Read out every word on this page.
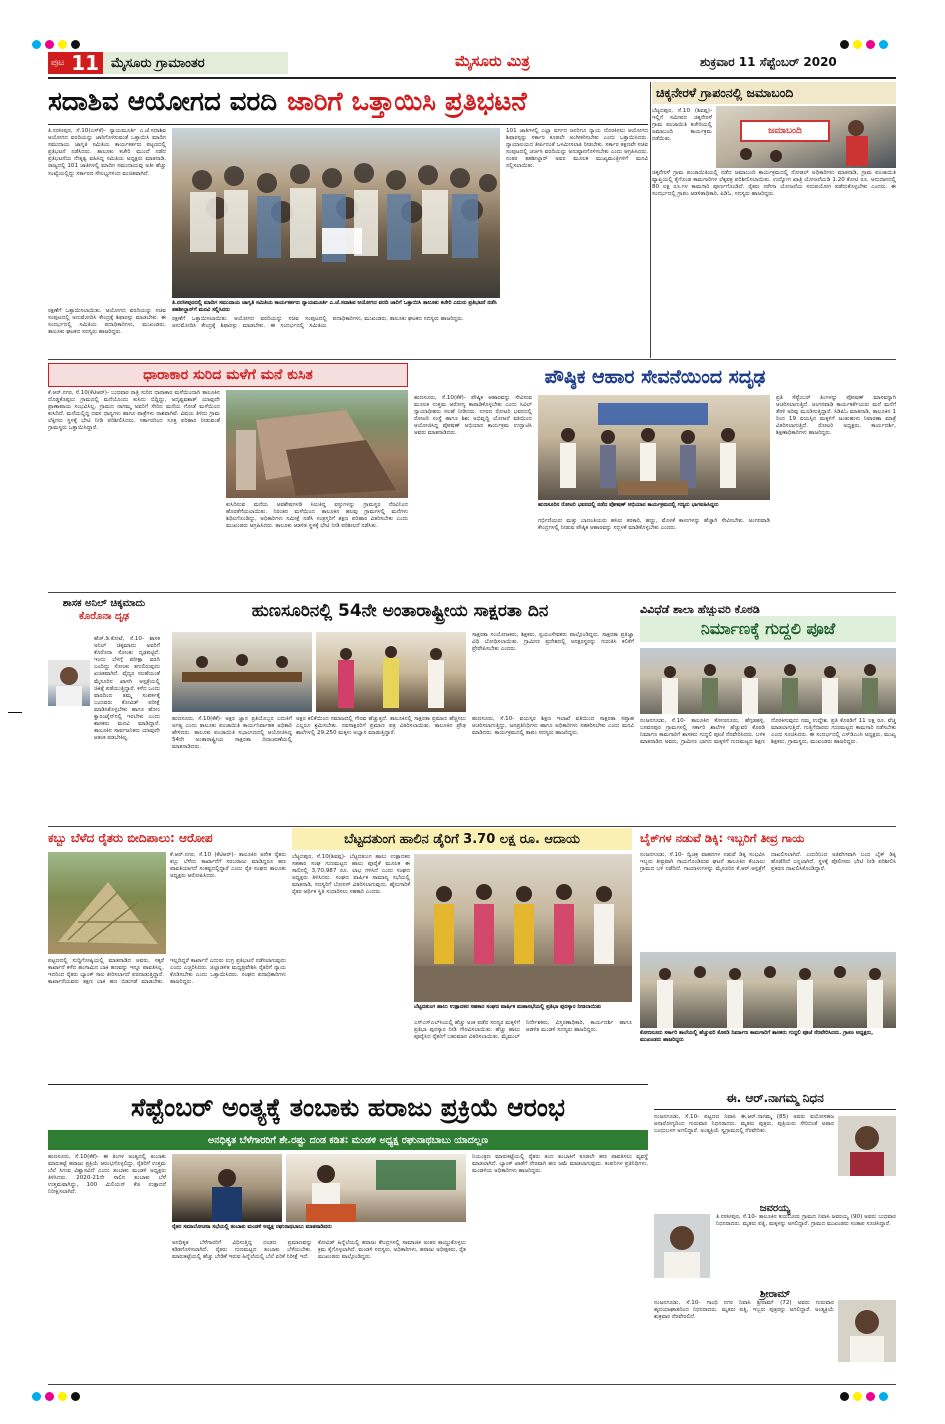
ಪುಟ 11 ಮೈಸೂರು ಗ್ರಾಮಾಂತರ	ಮೈಸೂರು ಮಿತ್ರ	ಶುಕ್ರವಾರ 11 ಸೆಪ್ಟೆಂಬರ್ 2020
ಸದಾಶಿವ ಆಯೋಗದ ವರದಿ ಜಾರಿಗೆ ಒತ್ತಾಯಿಸಿ ಪ್ರತಿಭಟನೆ
ತಿ.ನರಸೀಪುರ, ಸೆ.10(ಎಸ್‌ಕೆ)- ನ್ಯಾಯಮೂರ್ತಿ ಎ.ಜೆ.ಸದಾಶಿವ ಆಯೋಗದ ವರದಿಯನ್ನು ಜಾರಿಗೊಳಿಸುವಂತೆ ಒತ್ತಾಯಿಸಿ ಮಾದಿಗ ಸಮುದಾಯ ಜಾಗೃತಿ ಸಮಿತಿಯ ಕಾರ್ಯಕರ್ತರು ಪಟ್ಟಣದಲ್ಲಿ ಪ್ರತಿಭಟನೆ ನಡೆಸಿದರು. ತಾಲೂಕು ಕಚೇರಿ ಮುಂದೆ ನಡೆದ ಪ್ರತಿಭಟನೆಯ ನೇತೃತ್ವ ವಹಿಸಿದ್ದ ಸಮಿತಿಯ ಅಧ್ಯಕ್ಷರು ಮಾತನಾಡಿ, ರಾಜ್ಯದಲ್ಲಿ 101 ಜಾತಿಗಳಲ್ಲಿ ಮಾದಿಗ ಸಮುದಾಯವು ಅತೀ ಹೆಚ್ಚು ಸಂಖ್ಯೆಯಲ್ಲಿದ್ದು ಸರ್ಕಾರದ ಸೌಲಭ್ಯಗಳಿಂದ ವಂಚಿತವಾಗಿದೆ.
101 ಜಾತಿಗಳಲ್ಲಿ ಎಲ್ಲಾ ವರ್ಗದ ಜನರಿಗೂ ನ್ಯಾಯ ದೊರಕಿಸಲು ಆಯೋಗದ ಶಿಫಾರಸ್ಸನ್ನು ಸರ್ಕಾರ ಕೂಡಲೇ ಅಂಗೀಕರಿಸಬೇಕು ಎಂದು ಒತ್ತಾಯಿಸಿದರು. ನ್ಯಾಯಾಲಯದ ತೀರ್ಪಿನಂತೆ ಒಳಮೀಸಲಾತಿ ನೀಡಬೇಕು. ಸರ್ಕಾರ ತಕ್ಷಣವೇ ಸಚಿವ ಸಂಪುಟದಲ್ಲಿ ಚರ್ಚಿಸಿ ವರದಿಯನ್ನು ಅನುಷ್ಠಾನಗೊಳಿಸಬೇಕು ಎಂದು ಆಗ್ರಹಿಸಿದರು. ನಂತರ ತಹಶೀಲ್ದಾರ್ ಅವರ ಮೂಲಕ ಮುಖ್ಯಮಂತ್ರಿಗಳಿಗೆ ಮನವಿ ಸಲ್ಲಿಸಲಾಯಿತು.
ತಿ.ನರಸೀಪುರದಲ್ಲಿ ಮಾದಿಗ ಸಮುದಾಯ ಜಾಗೃತಿ ಸಮಿತಿಯ ಕಾರ್ಯಕರ್ತರು ನ್ಯಾಯಮೂರ್ತಿ ಎ.ಜೆ.ಸದಾಶಿವ ಆಯೋಗದ ವರದಿ ಜಾರಿಗೆ ಒತ್ತಾಯಿಸಿ ತಾಲೂಕು ಕಚೇರಿ ಎದುರು ಪ್ರತಿಭಟನೆ ನಡೆಸಿ ತಹಶೀಲ್ದಾರ್‌ಗೆ ಮನವಿ ಸಲ್ಲಿಸಿದರು
ರಕ್ಷಣೆಗೆ ಒತ್ತಾಯಿಸಲಾಯಿತು. ಆಯೋಗದ ವರದಿಯನ್ನು ಸಚಿವ ಸಂಪುಟದಲ್ಲಿ ಅನುಮೋದಿಸಿ ಕೇಂದ್ರಕ್ಕೆ ಶಿಫಾರಸ್ಸು ಮಾಡಬೇಕು. ಈ ಸಂದರ್ಭದಲ್ಲಿ ಸಮಿತಿಯ ಪದಾಧಿಕಾರಿಗಳು, ಮುಖಂಡರು, ತಾಲೂಕು ಘಟಕದ ಸದಸ್ಯರು ಹಾಜರಿದ್ದರು.
ರಕ್ಷಣೆಗೆ ಒತ್ತಾಯಿಸಲಾಯಿತು. ಆಯೋಗದ ವರದಿಯನ್ನು ಸಚಿವ ಸಂಪುಟದಲ್ಲಿ ಅನುಮೋದಿಸಿ ಕೇಂದ್ರಕ್ಕೆ ಶಿಫಾರಸ್ಸು ಮಾಡಬೇಕು. ಈ ಸಂದರ್ಭದಲ್ಲಿ ಸಮಿತಿಯ ಪದಾಧಿಕಾರಿಗಳು, ಮುಖಂಡರು, ತಾಲೂಕು ಘಟಕದ ಸದಸ್ಯರು ಹಾಜರಿದ್ದರು.
ಚಿಕ್ಕನೇರಳೆ ಗ್ರಾಪಂನಲ್ಲಿ ಜಮಾಬಂದಿ
ಬೆಟ್ಟದಪುರ, ಸೆ.10 (ಶಿವಪ್ಪ)- ಇಲ್ಲಿಗೆ ಸಮೀಪದ ಚಿಕ್ಕನೇರಳೆ ಗ್ರಾಮ ಪಂಚಾಯಿತಿ ಕಚೇರಿಯಲ್ಲಿ ಜಮಾಬಂದಿ ಕಾರ್ಯಕ್ರಮ ನಡೆಯಿತು.
ಜಮಾಬಂದಿ
ಚಿಕ್ಕನೇರಳೆ ಗ್ರಾಮ ಪಂಚಾಯಿತಿಯಲ್ಲಿ ನಡೆದ ಜಮಾಬಂದಿ ಕಾರ್ಯಕ್ರಮದಲ್ಲಿ ನೋಡಲ್ ಅಧಿಕಾರಿಗಳು ಮಾತನಾಡಿ, ಗ್ರಾಮ ಪಂಚಾಯಿತಿ ವ್ಯಾಪ್ತಿಯಲ್ಲಿ ಕೈಗೊಂಡ ಕಾಮಗಾರಿಗಳ ಲೆಕ್ಕಪತ್ರ ಪರಿಶೀಲಿಸಲಾಯಿತು. ಉದ್ಯೋಗ ಖಾತ್ರಿ ಯೋಜನೆಯಡಿ 1.20 ಕೋಟಿ ರೂ. ಅನುದಾನದಲ್ಲಿ 80 ಲಕ್ಷ ರೂ.ಗಳ ಕಾಮಗಾರಿ ಪೂರ್ಣಗೊಂಡಿದೆ. ರೈತರು ನರೇಗಾ ಯೋಜನೆಯ ಸದುಪಯೋಗ ಪಡೆದುಕೊಳ್ಳಬೇಕು ಎಂದರು. ಈ ಸಂದರ್ಭದಲ್ಲಿ ಗ್ರಾಪಂ ಆಡಳಿತಾಧಿಕಾರಿ, ಪಿಡಿಓ, ಸದಸ್ಯರು ಹಾಜರಿದ್ದರು.
ಧಾರಾಕಾರ ಸುರಿದ ಮಳೆಗೆ ಮನೆ ಕುಸಿತ
ಕೆ.ಆರ್.ನಗರ, ಸೆ.10(ಕೆಟಿಆರ್)- ಬುಧವಾರ ರಾತ್ರಿ ಸುರಿದ ಧಾರಾಕಾರ ಮಳೆಯಿಂದಾಗಿ ತಾಲೂಕಿನ ದೊಡ್ಡಕೊಪ್ಪಲು ಗ್ರಾಮದಲ್ಲಿ ಮನೆಯೊಂದು ಕುಸಿದು ಬಿದ್ದಿದ್ದು, ಅದೃಷ್ಟವಶಾತ್ ಯಾವುದೇ ಪ್ರಾಣಾಪಾಯ ಸಂಭವಿಸಿಲ್ಲ. ಗ್ರಾಮದ ನಾಗಮ್ಮ ಅವರಿಗೆ ಸೇರಿದ ಮನೆಯ ಗೋಡೆ ಮಳೆಯಿಂದ ಕುಸಿದಿದೆ. ಮನೆಯಲ್ಲಿದ್ದ ದವಸ ಧಾನ್ಯಗಳು ಹಾಗೂ ಪಾತ್ರೆಗಳು ನಾಶವಾಗಿವೆ. ವಿಷಯ ತಿಳಿದು ಗ್ರಾಮ ಲೆಕ್ಕಿಗರು ಸ್ಥಳಕ್ಕೆ ಭೇಟಿ ನೀಡಿ ಪರಿಶೀಲಿಸಿದರು. ಸರ್ಕಾರದಿಂದ ಸೂಕ್ತ ಪರಿಹಾರ ನೀಡುವಂತೆ ಗ್ರಾಮಸ್ಥರು ಒತ್ತಾಯಿಸಿದ್ದಾರೆ.
ಕುಸಿದಿರುವ ಮನೆಯ ಅವಶೇಷಗಳಡಿ ಸಿಲುಕಿದ್ದ ವಸ್ತುಗಳನ್ನು ಗ್ರಾಮಸ್ಥರ ನೆರವಿನಿಂದ ಹೊರತೆಗೆಯಲಾಯಿತು. ನಿರಂತರ ಮಳೆಯಿಂದ ತಾಲೂಕಿನ ಹಲವು ಗ್ರಾಮಗಳಲ್ಲಿ ಮನೆಗಳು ಶಿಥಿಲಗೊಂಡಿದ್ದು, ಅಧಿಕಾರಿಗಳು ಸಮೀಕ್ಷೆ ನಡೆಸಿ ಸಂತ್ರಸ್ತರಿಗೆ ತಕ್ಷಣ ಪರಿಹಾರ ವಿತರಿಸಬೇಕು ಎಂದು ಮುಖಂಡರು ಆಗ್ರಹಿಸಿದರು. ತಾಲೂಕು ಆಡಳಿತ ಸ್ಥಳಕ್ಕೆ ಭೇಟಿ ನೀಡಿ ಪರಿಶೀಲನೆ ನಡೆಸಿತು.
ಪೌಷ್ಠಿಕ ಆಹಾರ ಸೇವನೆಯಿಂದ ಸದೃಢ
ಹುಣಸೂರು, ಸೆ.10(ಕೆಕೆ)- ಪೌಷ್ಠಿಕ ಆಹಾರವನ್ನು ಸೇವಿಸುವ ಮೂಲಕ ಉತ್ತಮ ಆರೋಗ್ಯ ಕಾಪಾಡಿಕೊಳ್ಳಬೇಕು ಎಂದು ಸಿವಿಲ್ ನ್ಯಾಯಾಧೀಶರು ಸಲಹೆ ನೀಡಿದರು. ನಗರದ ರೋಟರಿ ಭವನದಲ್ಲಿ ರೋಟರಿ ಸಂಸ್ಥೆ ಹಾಗೂ ಶಿಶು ಅಭಿವೃದ್ಧಿ ಯೋಜನೆ ವತಿಯಿಂದ ಆಯೋಜಿಸಿದ್ದ ಪೋಷಣ್ ಅಭಿಯಾನ ಕಾರ್ಯಕ್ರಮ ಉದ್ಘಾಟಿಸಿ ಅವರು ಮಾತನಾಡಿದರು.
ಹುಣಸೂರಿನ ರೋಟರಿ ಭವನದಲ್ಲಿ ನಡೆದ ಪೋಷಣ್ ಅಭಿಯಾನ ಕಾರ್ಯಕ್ರಮದಲ್ಲಿ ಗಣ್ಯರು ಭಾಗವಹಿಸಿದ್ದರು
ಗರ್ಭಿಣಿಯರು ಮತ್ತು ಬಾಣಂತಿಯರು ಹಸಿರು ತರಕಾರಿ, ಹಣ್ಣು, ಮೊಳಕೆ ಕಾಳುಗಳನ್ನು ಹೆಚ್ಚಾಗಿ ಸೇವಿಸಬೇಕು. ಅಂಗನವಾಡಿ ಕೇಂದ್ರಗಳಲ್ಲಿ ನೀಡುವ ಪೌಷ್ಠಿಕ ಆಹಾರವನ್ನು ಸದ್ಬಳಕೆ ಮಾಡಿಕೊಳ್ಳಬೇಕು ಎಂದರು.
ಪ್ರತಿ ಸೆಪ್ಟೆಂಬರ್ ತಿಂಗಳನ್ನು ಪೋಷಣ್ ಮಾಸವನ್ನಾಗಿ ಆಚರಿಸಲಾಗುತ್ತಿದೆ. ಅಂಗನವಾಡಿ ಕಾರ್ಯಕರ್ತೆಯರು ಮನೆ ಮನೆಗೆ ತೆರಳಿ ಅರಿವು ಮೂಡಿಸುತ್ತಿದ್ದಾರೆ. ಸಿಡಿಪಿಓ ಮಾತನಾಡಿ, ತಾಲೂಕಿನ 1 ರಿಂದ 19 ವಯಸ್ಸಿನ ಮಕ್ಕಳಿಗೆ ಜಂತುಹುಳು ನಿವಾರಣಾ ಮಾತ್ರೆ ವಿತರಿಸಲಾಗುತ್ತಿದೆ. ರೋಟರಿ ಅಧ್ಯಕ್ಷರು, ಕಾರ್ಯದರ್ಶಿ, ಶಿಕ್ಷಣಾಧಿಕಾರಿಗಳು ಹಾಜರಿದ್ದರು.
ಶಾಸಕ ಅನಿಲ್ ಚಿಕ್ಕಮಾದು
ಕೊರೊನಾ ದೃಢ
ಹೆಚ್.ಡಿ.ಕೋಟೆ, ಸೆ.10- ಶಾಸಕ ಅನಿಲ್ ಚಿಕ್ಕಮಾದು ಅವರಿಗೆ ಕೊರೊನಾ ಸೋಂಕು ದೃಢಪಟ್ಟಿದೆ. ಇಂದು ಬೆಳಗ್ಗೆ ಪರೀಕ್ಷಾ ವರದಿ ಬಂದಿದ್ದು ಸೋಂಕು ತಗುಲಿರುವುದು ಖಚಿತವಾಗಿದೆ. ವೈದ್ಯರ ಸಲಹೆಯಂತೆ ಮೈಸೂರಿನ ಖಾಸಗಿ ಆಸ್ಪತ್ರೆಯಲ್ಲಿ ಚಿಕಿತ್ಸೆ ಪಡೆಯುತ್ತಿದ್ದಾರೆ. ಕಳೆದ ಒಂದು ವಾರದಿಂದ ತಮ್ಮ ಸಂಪರ್ಕಕ್ಕೆ ಬಂದವರು ಕೋವಿಡ್ ಪರೀಕ್ಷೆ ಮಾಡಿಸಿಕೊಳ್ಳಬೇಕು ಹಾಗೂ ಹೋಂ ಕ್ವಾರಂಟೈನ್‌ನಲ್ಲಿ ಇರಬೇಕು ಎಂದು ಶಾಸಕರು ಮನವಿ ಮಾಡಿದ್ದಾರೆ. ತಾಲೂಕಿನ ಸಾರ್ವಜನಿಕರು ಯಾವುದೇ ಆತಂಕ ಪಡಬೇಕಿಲ್ಲ.
ಹುಣಸೂರಿನಲ್ಲಿ 54ನೇ ಅಂತಾರಾಷ್ಟ್ರೀಯ ಸಾಕ್ಷರತಾ ದಿನ
ಹುಣಸೂರು, ಸೆ.10(ಕೆಕೆ)- ಅಕ್ಷರ ಜ್ಞಾನ ಪ್ರತಿಯೊಬ್ಬರ ಬದುಕಿಗೆ ಅಗತ್ಯ ಎಂದು ತಾಲೂಕು ಪಂಚಾಯಿತಿ ಕಾರ್ಯನಿರ್ವಾಹಕ ಅಧಿಕಾರಿ ಹೇಳಿದರು. ತಾಲೂಕು ಪಂಚಾಯಿತಿ ಸಭಾಂಗಣದಲ್ಲಿ ಆಯೋಜಿಸಿದ್ದ 54ನೇ ಅಂತಾರಾಷ್ಟ್ರೀಯ ಸಾಕ್ಷರತಾ ದಿನಾಚರಣೆಯಲ್ಲಿ ಮಾತನಾಡಿದರು.
ಅಕ್ಷರ ಕಲಿಕೆಯಿಂದ ಸಮಾಜದಲ್ಲಿ ಗೌರವ ಹೆಚ್ಚುತ್ತದೆ. ತಾಲೂಕಿನಲ್ಲಿ ಸಾಕ್ಷರತಾ ಪ್ರಮಾಣ ಹೆಚ್ಚಿಸಲು ಎಲ್ಲರೂ ಶ್ರಮಿಸಬೇಕು. ನವಸಾಕ್ಷರರಿಗೆ ಪ್ರಮಾಣ ಪತ್ರ ವಿತರಿಸಲಾಯಿತು. ತಾಲೂಕಿನ ಪ್ರೌಢ ಶಾಲೆಗಳಲ್ಲಿ 29,250 ಮಕ್ಕಳು ಅಭ್ಯಾಸ ಮಾಡುತ್ತಿದ್ದಾರೆ.
ಸಾಕ್ಷರತಾ ಸಂಯೋಜಕರು, ಶಿಕ್ಷಕರು, ಸ್ವಯಂಸೇವಕರು ಪಾಲ್ಗೊಂಡಿದ್ದರು. ಸಾಕ್ಷರತಾ ಪ್ರತಿಜ್ಞಾ ವಿಧಿ ಬೋಧಿಸಲಾಯಿತು. ಗ್ರಾಮೀಣ ಪ್ರದೇಶದಲ್ಲಿ ಅನಕ್ಷರಸ್ಥರನ್ನು ಗುರುತಿಸಿ ಕಲಿಕೆಗೆ ಪ್ರೇರೇಪಿಸಬೇಕು ಎಂದರು.
ಹುಣಸೂರು, ಸೆ.10- ವಯಸ್ಕರ ಶಿಕ್ಷಣ ಇಲಾಖೆ ವತಿಯಿಂದ ಸಾಕ್ಷರತಾ ಸಪ್ತಾಹ ಆಚರಿಸಲಾಗುತ್ತಿದ್ದು, ಜನಪ್ರತಿನಿಧಿಗಳು ಹಾಗೂ ಅಧಿಕಾರಿಗಳು ಸಹಕರಿಸಬೇಕು ಎಂದು ಮನವಿ ಮಾಡಿದರು. ಕಾರ್ಯಕ್ರಮದಲ್ಲಿ ತಾಪಂ ಸದಸ್ಯರು ಹಾಜರಿದ್ದರು.
ವಿವಿಧೆಡೆ ಶಾಲಾ ಹೆಚ್ಚುವರಿ ಕೊಠಡಿ
ನಿರ್ಮಾಣಕ್ಕೆ ಗುದ್ದಲಿ ಪೂಜೆ
ನಂಜನಗೂಡು, ಸೆ.10- ತಾಲೂಕಿನ ಕೋಣನೂರು, ಹೆಗ್ಗಡಹಳ್ಳಿ, ಬಸವನಪುರ ಗ್ರಾಮಗಳಲ್ಲಿ ಸರ್ಕಾರಿ ಶಾಲೆಗಳ ಹೆಚ್ಚುವರಿ ಕೊಠಡಿ ನಿರ್ಮಾಣ ಕಾಮಗಾರಿಗೆ ಶಾಸಕರು ಗುದ್ದಲಿ ಪೂಜೆ ನೆರವೇರಿಸಿದರು. ಬಳಿಕ ಮಾತನಾಡಿದ ಅವರು, ಗ್ರಾಮೀಣ ಭಾಗದ ಮಕ್ಕಳಿಗೆ ಗುಣಮಟ್ಟದ ಶಿಕ್ಷಣ ದೊರಕಿಸುವುದು ನಮ್ಮ ಉದ್ದೇಶ. ಪ್ರತಿ ಕೊಠಡಿಗೆ 11 ಲಕ್ಷ ರೂ. ವೆಚ್ಚ ಮಾಡಲಾಗುತ್ತಿದೆ. ಗುತ್ತಿಗೆದಾರರು ಗುಣಮಟ್ಟದ ಕಾಮಗಾರಿ ನಡೆಸಬೇಕು ಎಂದು ಸೂಚಿಸಿದರು. ಈ ಸಂದರ್ಭದಲ್ಲಿ ಎಸ್‌ಡಿಎಂಸಿ ಅಧ್ಯಕ್ಷರು, ಮುಖ್ಯ ಶಿಕ್ಷಕರು, ಗ್ರಾಮಸ್ಥರು, ಮುಖಂಡರು ಹಾಜರಿದ್ದರು.
ಕಬ್ಬು ಬೆಳೆದ ರೈತರು ಬೀದಿಪಾಲು: ಆರೋಪ
ಕೆ.ಆರ್.ನಗರ, ಸೆ.10 (ಕೆಟಿಆರ್)- ತಾಲೂಕಿನ ಅನೇಕ ರೈತರು ಕಬ್ಬು ಬೆಳೆದು ಕಾರ್ಖಾನೆಗೆ ಸರಬರಾಜು ಮಾಡಿದ್ದರೂ ಹಣ ಪಾವತಿಯಾಗದೆ ಸಂಕಷ್ಟದಲ್ಲಿದ್ದಾರೆ ಎಂದು ರೈತ ಸಂಘದ ತಾಲೂಕು ಅಧ್ಯಕ್ಷರು ಆರೋಪಿಸಿದರು.
ಪಟ್ಟಣದಲ್ಲಿ ಸುದ್ದಿಗೋಷ್ಠಿಯಲ್ಲಿ ಮಾತನಾಡಿದ ಅವರು, ಸಕ್ಕರೆ ಕಾರ್ಖಾನೆ ಕಳೆದ ಹಂಗಾಮಿನ ಬಾಕಿ ಹಣವನ್ನು ಇನ್ನೂ ಪಾವತಿಸಿಲ್ಲ. ಇದರಿಂದ ರೈತರು ಬ್ಯಾಂಕ್ ಸಾಲ ತೀರಿಸಲಾಗದೆ ಪರದಾಡುತ್ತಿದ್ದಾರೆ. ಕಾರ್ಖಾನೆಯವರು ತಕ್ಷಣ ಬಾಕಿ ಹಣ ಬಿಡುಗಡೆ ಮಾಡಬೇಕು. ಇಲ್ಲದಿದ್ದರೆ ಕಾರ್ಖಾನೆ ಎದುರು ಉಗ್ರ ಪ್ರತಿಭಟನೆ ನಡೆಸಲಾಗುವುದು ಎಂದು ಎಚ್ಚರಿಸಿದರು. ಜಿಲ್ಲಾಡಳಿತ ಮಧ್ಯಪ್ರವೇಶಿಸಿ ರೈತರಿಗೆ ನ್ಯಾಯ ಕೊಡಿಸಬೇಕು ಎಂದು ಒತ್ತಾಯಿಸಿದರು. ಸಂಘದ ಪದಾಧಿಕಾರಿಗಳು ಹಾಜರಿದ್ದರು.
ಬೆಟ್ಟದತುಂಗ ಹಾಲಿನ ಡೈರಿಗೆ 3.70 ಲಕ್ಷ ರೂ. ಆದಾಯ
ಬೆಟ್ಟದಪುರ, ಸೆ.10(ಶಿವಪ್ಪ)- ಬೆಟ್ಟದತುಂಗ ಹಾಲು ಉತ್ಪಾದಕರ ಸಹಕಾರ ಸಂಘ ಗುಣಮಟ್ಟದ ಹಾಲು ಪೂರೈಕೆ ಮೂಲಕ ಈ ಸಾಲಿನಲ್ಲಿ 3,70,987 ರೂ. ಲಾಭ ಗಳಿಸಿದೆ ಎಂದು ಸಂಘದ ಅಧ್ಯಕ್ಷರು ತಿಳಿಸಿದರು. ಸಂಘದ ವಾರ್ಷಿಕ ಸಾಮಾನ್ಯ ಸಭೆಯಲ್ಲಿ ಮಾತನಾಡಿ, ಸದಸ್ಯರಿಗೆ ಬೋನಸ್ ವಿತರಿಸಲಾಗುವುದು. ಹೈನುಗಾರಿಕೆ ರೈತರ ಆರ್ಥಿಕ ಸ್ಥಿತಿ ಸುಧಾರಿಸಲು ಸಹಕಾರಿ ಎಂದರು.
ಬೆಟ್ಟದತುಂಗ ಹಾಲು ಉತ್ಪಾದಕರ ಸಹಕಾರ ಸಂಘದ ವಾರ್ಷಿಕ ಮಹಾಸಭೆಯಲ್ಲಿ ಪ್ರತಿಭಾ ಪುರಸ್ಕಾರ ನೀಡಲಾಯಿತು
ಎಸ್‌ಎಸ್‌ಎಲ್‌ಸಿಯಲ್ಲಿ ಹೆಚ್ಚು ಅಂಕ ಪಡೆದ ಸದಸ್ಯರ ಮಕ್ಕಳಿಗೆ ಪ್ರತಿಭಾ ಪುರಸ್ಕಾರ ನೀಡಿ ಗೌರವಿಸಲಾಯಿತು. ಹೆಚ್ಚು ಹಾಲು ಪೂರೈಸಿದ ರೈತರಿಗೆ ಬಹುಮಾನ ವಿತರಿಸಲಾಯಿತು. ಮೈಮುಲ್ ನಿರ್ದೇಶಕರು, ವಿಸ್ತರಣಾಧಿಕಾರಿ, ಕಾರ್ಯದರ್ಶಿ ಹಾಗೂ ಆಡಳಿತ ಮಂಡಳಿ ಸದಸ್ಯರು ಹಾಜರಿದ್ದರು.
ಬೈಕ್‌ಗಳ ನಡುವೆ ಡಿಕ್ಕಿ: ಇಬ್ಬರಿಗೆ ತೀವ್ರ ಗಾಯ
ನಂಜನಗೂಡು, ಸೆ.10- ದ್ವಿಚಕ್ರ ವಾಹನಗಳ ನಡುವೆ ಡಿಕ್ಕಿ ಸಂಭವಿಸಿ ಇಬ್ಬರು ತೀವ್ರವಾಗಿ ಗಾಯಗೊಂಡಿರುವ ಘಟನೆ ತಾಲೂಕಿನ ಕೆಂಬಾಲು ಗ್ರಾಮದ ಬಳಿ ನಡೆದಿದೆ. ಗಾಯಾಳುಗಳನ್ನು ಮೈಸೂರಿನ ಕೆ.ಆರ್.ಆಸ್ಪತ್ರೆಗೆ ದಾಖಲಿಸಲಾಗಿದೆ. ಎದುರಿನಿಂದ ಅತಿವೇಗವಾಗಿ ಬಂದ ಬೈಕ್ ಡಿಕ್ಕಿ ಹೊಡೆದಿದೆ ಎನ್ನಲಾಗಿದೆ. ಸ್ಥಳಕ್ಕೆ ಪೊಲೀಸರು ಭೇಟಿ ನೀಡಿ ಪರಿಶೀಲಿಸಿ ಪ್ರಕರಣ ದಾಖಲಿಸಿಕೊಂಡಿದ್ದಾರೆ.
ಕೋಣನೂರು ಸರ್ಕಾರಿ ಶಾಲೆಯಲ್ಲಿ ಹೆಚ್ಚುವರಿ ಕೊಠಡಿ ನಿರ್ಮಾಣ ಕಾಮಗಾರಿಗೆ ಶಾಸಕರು ಗುದ್ದಲಿ ಪೂಜೆ ನೆರವೇರಿಸಿದರು. ಗ್ರಾಪಂ ಅಧ್ಯಕ್ಷರು, ಮುಖಂಡರು ಹಾಜರಿದ್ದರು
ಸೆಪ್ಟೆಂಬರ್ ಅಂತ್ಯಕ್ಕೆ ತಂಬಾಕು ಹರಾಜು ಪ್ರಕ್ರಿಯೆ ಆರಂಭ
ಅನಧಿಕೃತ ಬೆಳೆಗಾರರಿಗೆ ಶೇ.ರಷ್ಟು ದಂಡ ಕಡಿತ: ಮಂಡಳಿ ಅಧ್ಯಕ್ಷ ರಘುನಾಥಬಾಬು ಯಾದಲ್ಲಣ
ಹುಣಸೂರು, ಸೆ.10(ಕೆಕೆ)- ಈ ತಿಂಗಳ ಅಂತ್ಯದಲ್ಲಿ ತಂಬಾಕು ಮಾರುಕಟ್ಟೆ ಹರಾಜು ಪ್ರಕ್ರಿಯೆ ಆರಂಭಗೊಳ್ಳಲಿದ್ದು, ರೈತರಿಗೆ ಉತ್ತಮ ಬೆಲೆ ಸಿಗುವ ವಿಶ್ವಾಸವಿದೆ ಎಂದು ತಂಬಾಕು ಮಂಡಳಿ ಅಧ್ಯಕ್ಷರು ತಿಳಿಸಿದರು. 2020-21ನೇ ಸಾಲಿನ ತಂಬಾಕು ಬೆಳೆ ಉತ್ತಮವಾಗಿದ್ದು, 100 ಮಿಲಿಯನ್ ಕೆಜಿ ಉತ್ಪಾದನೆ ನಿರೀಕ್ಷಿಸಲಾಗಿದೆ.
ರೈತರ ಸಮಾಲೋಚನಾ ಸಭೆಯಲ್ಲಿ ತಂಬಾಕು ಮಂಡಳಿ ಅಧ್ಯಕ್ಷ ರಘುನಾಥಬಾಬು ಮಾತನಾಡಿದರು
ಅನಧಿಕೃತ ಬೆಳೆಗಾರರಿಗೆ ವಿಧಿಸುತ್ತಿದ್ದ ದಂಡದ ಪ್ರಮಾಣವನ್ನು ಕಡಿತಗೊಳಿಸಲಾಗಿದೆ. ರೈತರು ಗುಣಮಟ್ಟದ ತಂಬಾಕು ಬೆಳೆಯಬೇಕು. ಮಾರುಕಟ್ಟೆಯಲ್ಲಿ ಹೆಚ್ಚು ಬೇಡಿಕೆ ಇರುವ ಹಿನ್ನೆಲೆಯಲ್ಲಿ ಬೆಲೆ ಏರಿಕೆ ನಿರೀಕ್ಷೆ ಇದೆ.
ಕೋವಿಡ್ ಹಿನ್ನೆಲೆಯಲ್ಲಿ ಹರಾಜು ಕೇಂದ್ರಗಳಲ್ಲಿ ಸಾಮಾಜಿಕ ಅಂತರ ಕಾಯ್ದುಕೊಳ್ಳಲು ಕ್ರಮ ಕೈಗೊಳ್ಳಲಾಗಿದೆ. ಮಂಡಳಿ ಸದಸ್ಯರು, ಅಧಿಕಾರಿಗಳು, ಹರಾಜು ಅಧೀಕ್ಷಕರು, ರೈತ ಮುಖಂಡರು ಪಾಲ್ಗೊಂಡಿದ್ದರು.
ನಿಯಂತ್ರಣ ಮಾರುಕಟ್ಟೆಯಲ್ಲಿ ರೈತರು ತಂದ ತಂಬಾಕಿಗೆ ಕೂಡಲೇ ಹಣ ಪಾವತಿಸಲು ವ್ಯವಸ್ಥೆ ಮಾಡಲಾಗಿದೆ. ಬ್ಯಾಂಕ್ ಖಾತೆಗೆ ನೇರವಾಗಿ ಹಣ ಜಮೆ ಮಾಡಲಾಗುವುದು. ಕಂಪನಿಗಳ ಪ್ರತಿನಿಧಿಗಳು, ಮಂಡಳಿಯ ಅಧಿಕಾರಿಗಳು ಹಾಜರಿದ್ದರು.
ಈ. ಆರ್.ನಾಗಮ್ಮ ನಿಧನ
ನಂಜನಗೂಡು, ಸೆ.10- ಪಟ್ಟಣದ ನಿವಾಸಿ ಈ.ಆರ್.ನಾಗಮ್ಮ (85) ಅವರು ವಯೋಸಹಜ ಅನಾರೋಗ್ಯದಿಂದ ಗುರುವಾರ ನಿಧನರಾದರು. ಮೃತರು ಪುತ್ರರು, ಪುತ್ರಿಯರು ಸೇರಿದಂತೆ ಅಪಾರ ಬಂಧುಬಳಗ ಅಗಲಿದ್ದಾರೆ. ಅಂತ್ಯಕ್ರಿಯೆ ಸ್ವಗ್ರಾಮದಲ್ಲಿ ನೆರವೇರಿತು.
ಜವರಯ್ಯ
ತಿ.ನರಸೀಪುರ, ಸೆ.10- ತಾಲೂಕಿನ ಕುರುಬೂರು ಗ್ರಾಮದ ನಿವಾಸಿ ಜವರಯ್ಯ (90) ಅವರು ಬುಧವಾರ ನಿಧನರಾದರು. ಮೃತರು ಪತ್ನಿ, ಮಕ್ಕಳನ್ನು ಅಗಲಿದ್ದಾರೆ. ಗ್ರಾಮದ ಮುಖಂಡರು ಸಂತಾಪ ಸೂಚಿಸಿದ್ದಾರೆ.
ಶ್ರೀರಾಮ್
ನಂಜನಗೂಡು, ಸೆ.10- ಗಾಂಧಿ ನಗರ ನಿವಾಸಿ ಶ್ರೀರಾಮ್ (72) ಅವರು ಗುರುವಾರ ಹೃದಯಾಘಾತದಿಂದ ನಿಧನರಾದರು. ಮೃತರು ಪತ್ನಿ, ಇಬ್ಬರು ಪುತ್ರರನ್ನು ಅಗಲಿದ್ದಾರೆ. ಅಂತ್ಯಕ್ರಿಯೆ ಶುಕ್ರವಾರ ನೆರವೇರಲಿದೆ.
